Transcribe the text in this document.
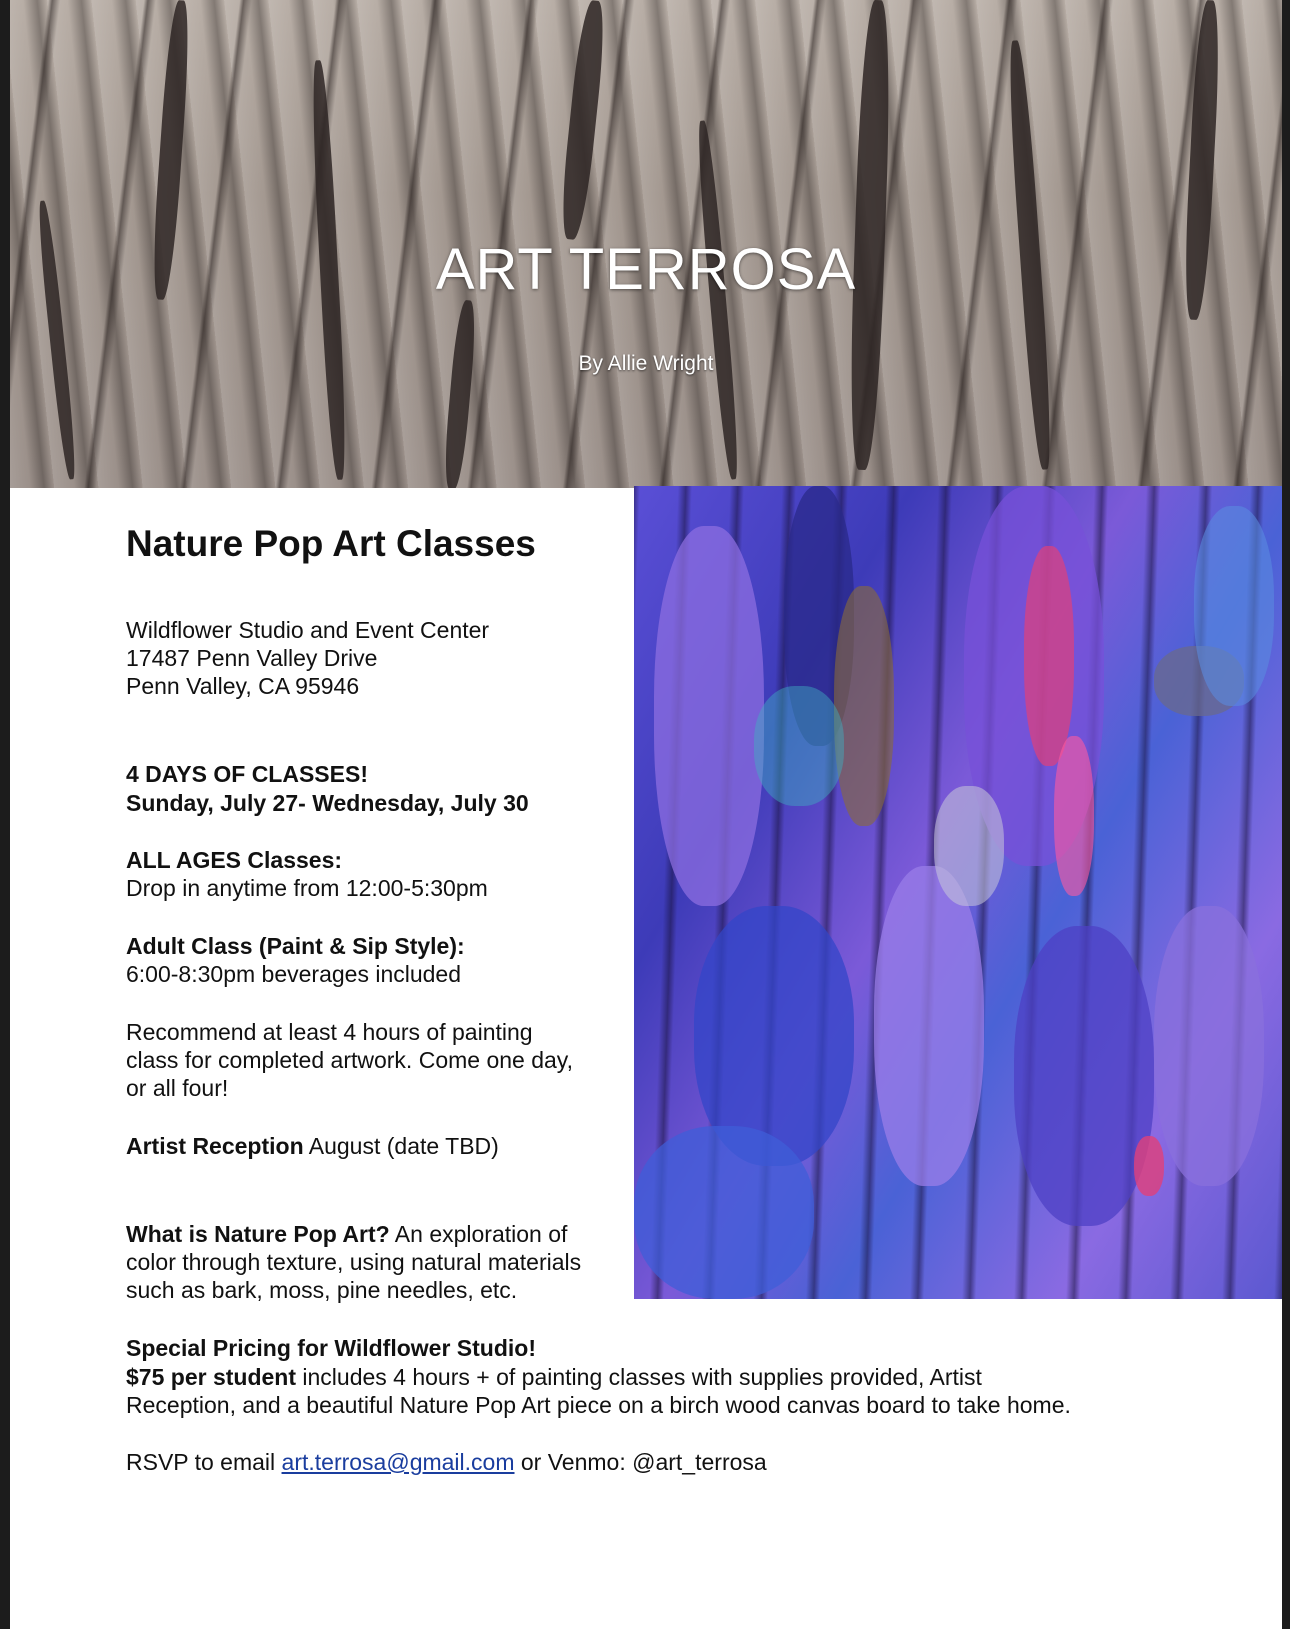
ART TERROSA
By Allie Wright
Nature Pop Art Classes
Wildflower Studio and Event Center
17487 Penn Valley Drive
Penn Valley, CA 95946
4 DAYS OF CLASSES!
Sunday, July 27- Wednesday, July 30
ALL AGES Classes:
Drop in anytime from 12:00-5:30pm
Adult Class (Paint & Sip Style):
6:00-8:30pm beverages included
Recommend at least 4 hours of painting
class for completed artwork. Come one day,
or all four!
Artist Reception August (date TBD)
What is Nature Pop Art? An exploration of
color through texture, using natural materials
such as bark, moss, pine needles, etc.
Special Pricing for Wildflower Studio!
$75 per student includes 4 hours + of painting classes with supplies provided, Artist
Reception, and a beautiful Nature Pop Art piece on a birch wood canvas board to take home.
RSVP to email art.terrosa@gmail.com or Venmo: @art_terrosa
